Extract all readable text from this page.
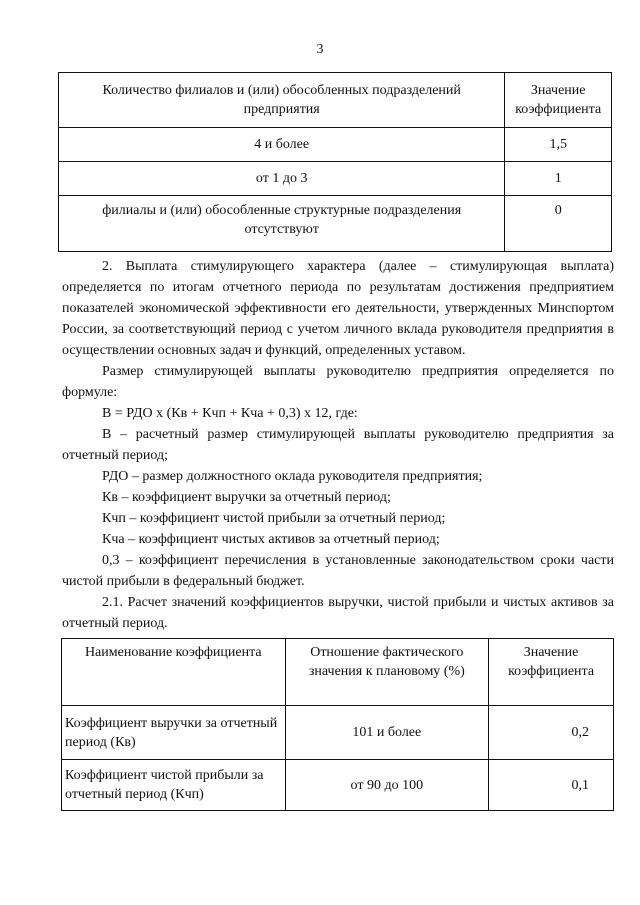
3
Количество филиалов и (или) обособленных подразделений предприятия	Значение коэффициента
4 и более	1,5
от 1 до 3	1
филиалы и (или) обособленные структурные подразделения отсутствуют	0

2. Выплата стимулирующего характера (далее – стимулирующая выплата) определяется по итогам отчетного периода по результатам достижения предприятием показателей экономической эффективности его деятельности, утвержденных Минспортом России, за соответствующий период с учетом личного вклада руководителя предприятия в осуществлении основных задач и функций, определенных уставом.

Размер стимулирующей выплаты руководителю предприятия определяется по формуле:

В = РДО х (Кв + Кчп + Кча + 0,3) х 12, где:

В – расчетный размер стимулирующей выплаты руководителю предприятия за отчетный период;

РДО – размер должностного оклада руководителя предприятия;

Кв – коэффициент выручки за отчетный период;

Кчп – коэффициент чистой прибыли за отчетный период;

Кча – коэффициент чистых активов за отчетный период;

0,3 – коэффициент перечисления в установленные законодательством сроки части чистой прибыли в федеральный бюджет.

2.1. Расчет значений коэффициентов выручки, чистой прибыли и чистых активов за отчетный период.

Наименование коэффициента	Отношение фактического значения к плановому (%)	Значение коэффициента
Коэффициент выручки за отчетный период (Кв)	101 и более	0,2
Коэффициент чистой прибыли за отчетный период (Кчп)	от 90 до 100	0,1
